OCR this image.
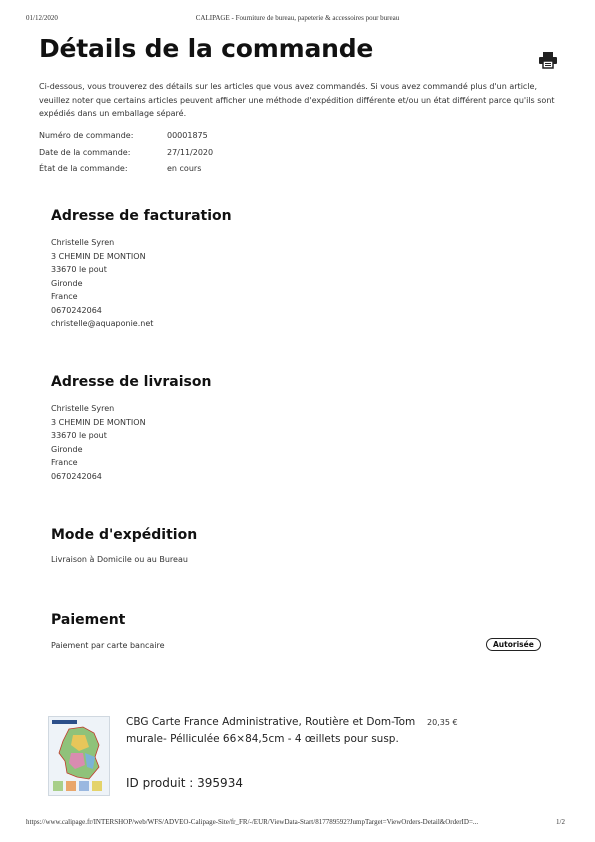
01/12/2020	CALIPAGE - Fourniture de bureau, papeterie & accessoires pour bureau
Détails de la commande

Ci-dessous, vous trouverez des détails sur les articles que vous avez commandés. Si vous avez commandé plus d'un article, veuillez noter que certains articles peuvent afficher une méthode d'expédition différente et/ou un état différent parce qu'ils sont expédiés dans un emballage séparé.

Numéro de commande:	00001875
Date de la commande:	27/11/2020
État de la commande:	en cours
Adresse de facturation
Christelle Syren
3 CHEMIN DE MONTION
33670 le pout
Gironde
France
0670242064
christelle@aquaponie.net
Adresse de livraison
Christelle Syren
3 CHEMIN DE MONTION
33670 le pout
Gironde
France
0670242064
Mode d'expédition
Livraison à Domicile ou au Bureau
Paiement
Paiement par carte bancaire	Autorisée

CBG Carte France Administrative, Routière et Dom-Tom murale- Pélliculée 66×84,5cm - 4 œillets pour susp.

20,35 €
ID produit : 395934
https://www.calipage.fr/INTERSHOP/web/WFS/ADVEO-Calipage-Site/fr_FR/-/EUR/ViewData-Start/817789592?JumpTarget=ViewOrders-Detail&OrderID=...	1/2
